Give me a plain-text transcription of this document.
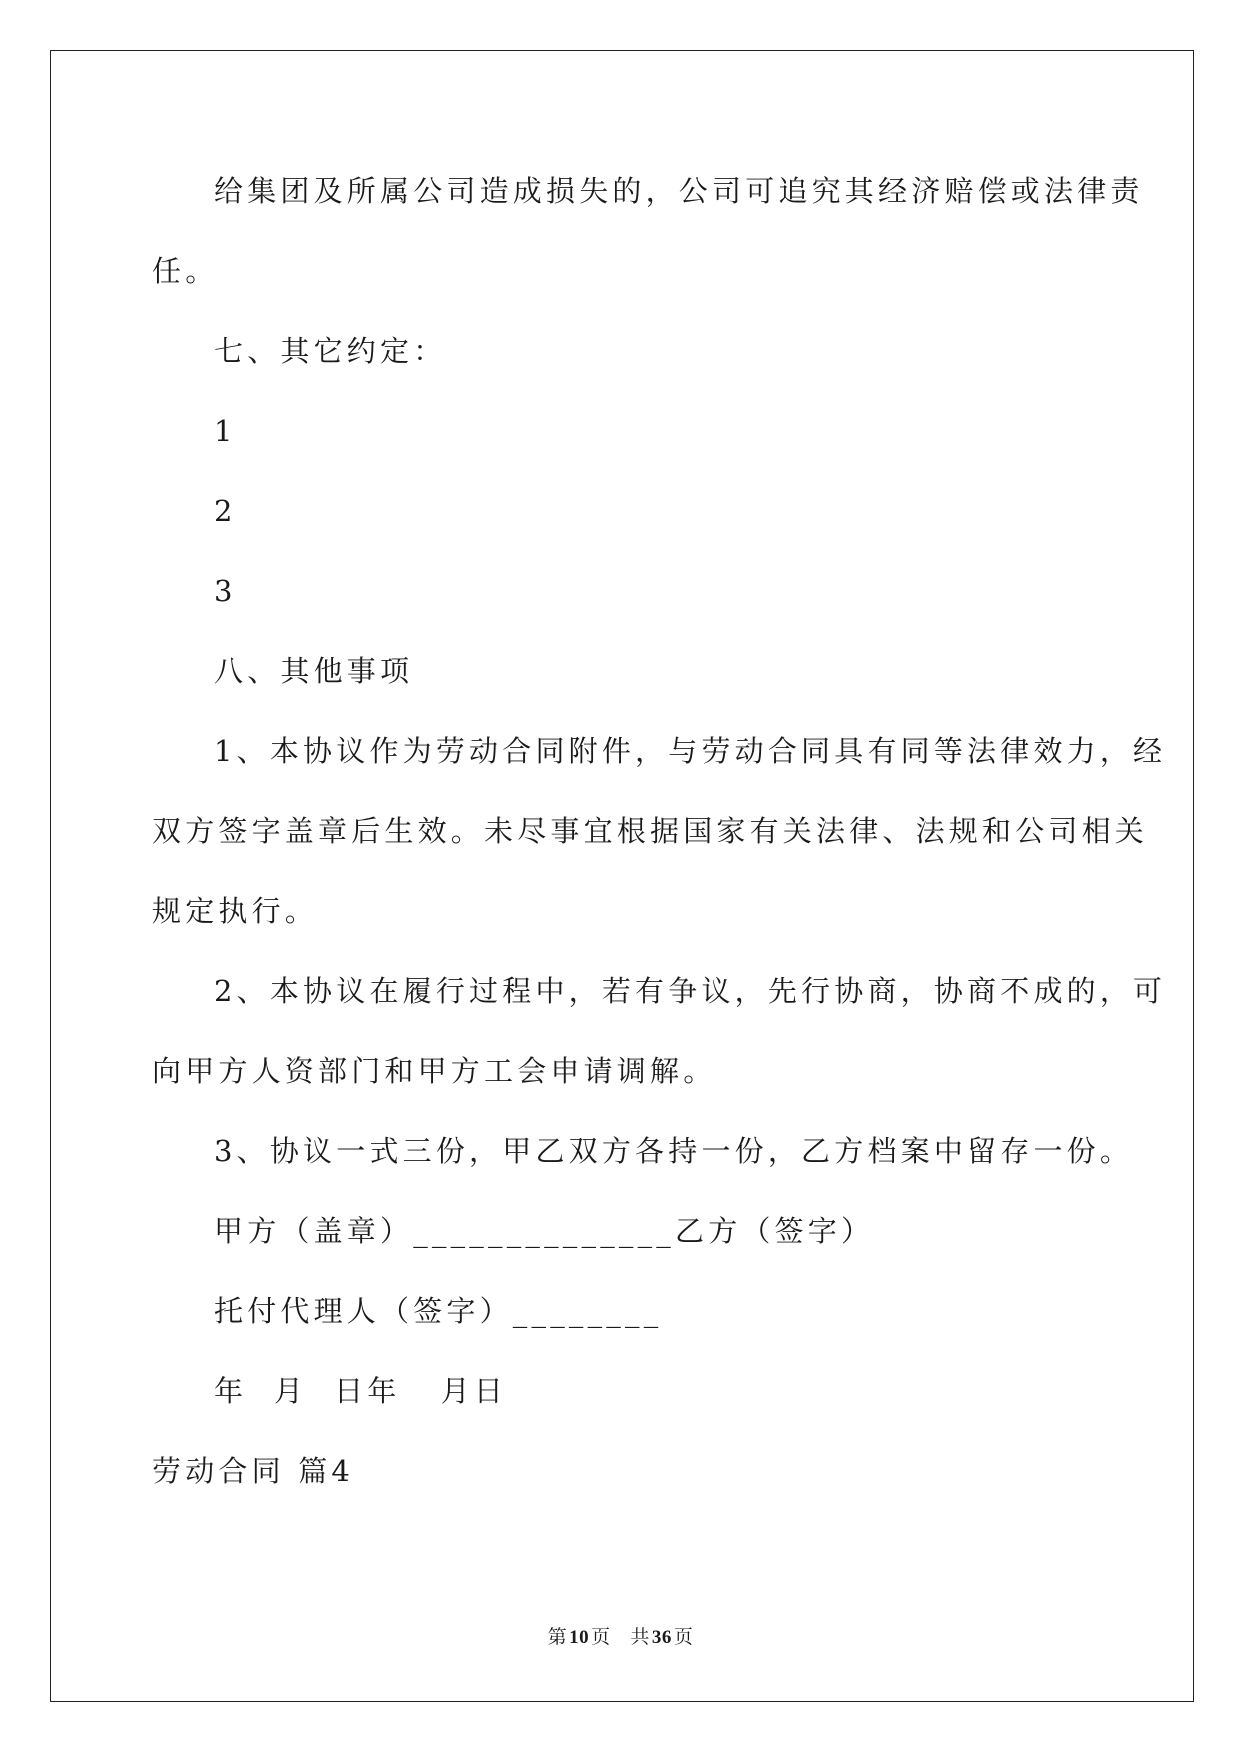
给集团及所属公司造成损失的，公司可追究其经济赔偿或法律责
任。
七、其它约定：
1
2
3
八、其他事项
1、本协议作为劳动合同附件，与劳动合同具有同等法律效力，经
双方签字盖章后生效。未尽事宜根据国家有关法律、法规和公司相关
规定执行。
2、本协议在履行过程中，若有争议，先行协商，协商不成的，可
向甲方人资部门和甲方工会申请调解。
3、协议一式三份，甲乙双方各持一份，乙方档案中留存一份。
甲方（盖章）______________乙方（签字）
托付代理人（签字）________
年  月  日年   月日
劳动合同 篇4
第 10 页 共 36 页
